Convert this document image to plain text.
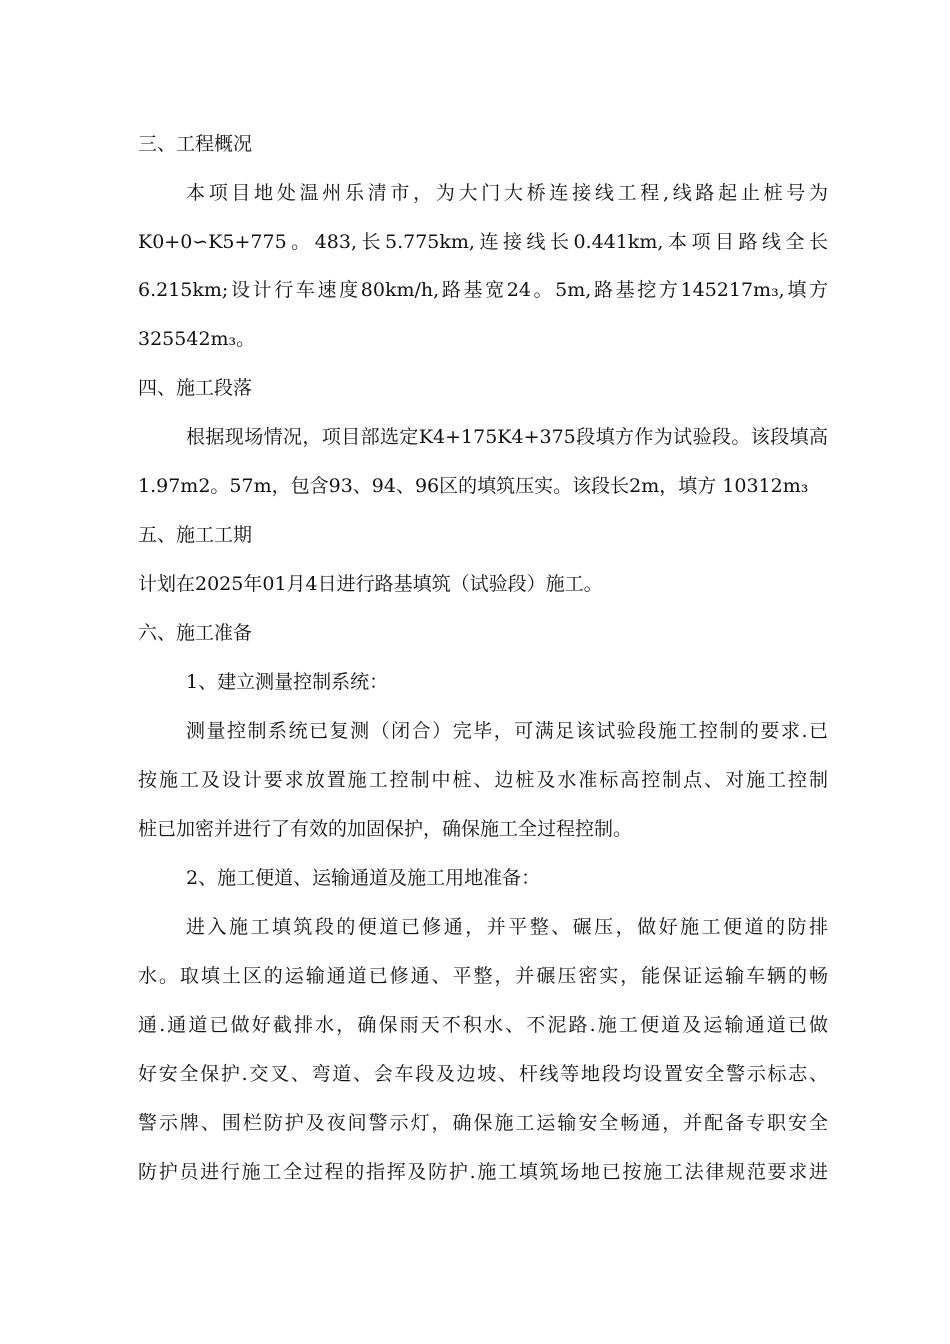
三、工程概况
本项目地处温州乐清市，为大门大桥连接线工程,线路起止桩号为
K0+0∽K5+775。483,长5.775km,连接线长0.441km,本项目路线全长
6.215km;设计行车速度80km/h,路基宽24。5m,路基挖方145217m₃,填方
325542m₃。
四、施工段落
根据现场情况，项目部选定K4+175K4+375段填方作为试验段。该段填高
1.97m2。57m，包含93、94、96区的填筑压实。该段长2m，填方 10312m₃
五、施工工期
计划在2025年01月4日进行路基填筑（试验段）施工。
六、施工准备
1、建立测量控制系统：
测量控制系统已复测（闭合）完毕，可满足该试验段施工控制的要求.已
按施工及设计要求放置施工控制中桩、边桩及水准标高控制点、对施工控制
桩已加密并进行了有效的加固保护，确保施工全过程控制。
2、施工便道、运输通道及施工用地准备：
进入施工填筑段的便道已修通，并平整、碾压，做好施工便道的防排
水。取填土区的运输通道已修通、平整，并碾压密实，能保证运输车辆的畅
通.通道已做好截排水，确保雨天不积水、不泥路.施工便道及运输通道已做
好安全保护.交叉、弯道、会车段及边坡、杆线等地段均设置安全警示标志、
警示牌、围栏防护及夜间警示灯，确保施工运输安全畅通，并配备专职安全
防护员进行施工全过程的指挥及防护.施工填筑场地已按施工法律规范要求进
